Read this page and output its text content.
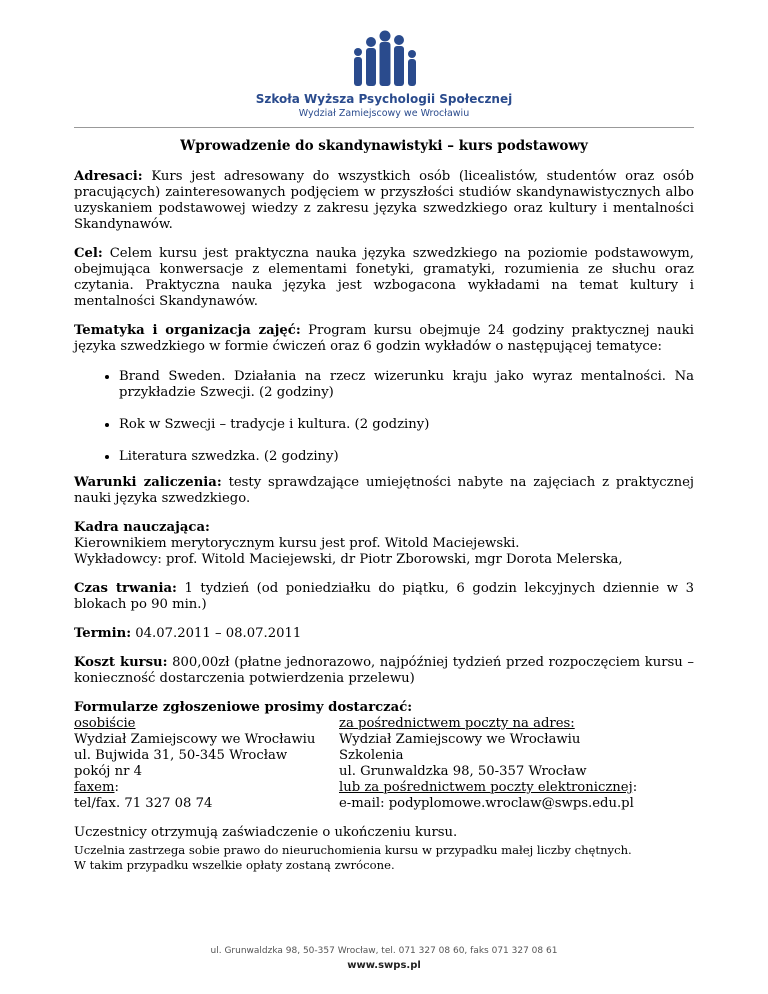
Szkoła Wyższa Psychologii Społecznej
Wydział Zamiejscowy we Wrocławiu
Wprowadzenie do skandynawistyki – kurs podstawowy

Adresaci: Kurs jest adresowany do wszystkich osób (licealistów, studentów oraz osób pracujących) zainteresowanych podjęciem w przyszłości studiów skandynawistycznych albo uzyskaniem podstawowej wiedzy z zakresu języka szwedzkiego oraz kultury i mentalności Skandynawów.

Cel: Celem kursu jest praktyczna nauka języka szwedzkiego na poziomie podstawowym, obejmująca konwersacje z elementami fonetyki, gramatyki, rozumienia ze słuchu oraz czytania. Praktyczna nauka języka jest wzbogacona wykładami na temat kultury i mentalności Skandynawów.

Tematyka i organizacja zajęć: Program kursu obejmuje 24 godziny praktycznej nauki języka szwedzkiego w formie ćwiczeń oraz 6 godzin wykładów o następującej tematyce:

• Brand Sweden. Działania na rzecz wizerunku kraju jako wyraz mentalności. Na przykładzie Szwecji. (2 godziny)
• Rok w Szwecji – tradycje i kultura. (2 godziny)
• Literatura szwedzka. (2 godziny)

Warunki zaliczenia: testy sprawdzające umiejętności nabyte na zajęciach z praktycznej nauki języka szwedzkiego.

Kadra nauczająca:
Kierownikiem merytorycznym kursu jest prof. Witold Maciejewski.
Wykładowcy: prof. Witold Maciejewski, dr Piotr Zborowski, mgr Dorota Melerska,

Czas trwania: 1 tydzień (od poniedziałku do piątku, 6 godzin lekcyjnych dziennie w 3 blokach po 90 min.)

Termin: 04.07.2011 – 08.07.2011

Koszt kursu: 800,00zł (płatne jednorazowo, najpóźniej tydzień przed rozpoczęciem kursu – konieczność dostarczenia potwierdzenia przelewu)

Formularze zgłoszeniowe prosimy dostarczać:
osobiście
Wydział Zamiejscowy we Wrocławiu
ul. Bujwida 31, 50-345 Wrocław
pokój nr 4
faxem:
tel/fax. 71 327 08 74
za pośrednictwem poczty na adres:
Wydział Zamiejscowy we Wrocławiu
Szkolenia
ul. Grunwaldzka 98, 50-357 Wrocław
lub za pośrednictwem poczty elektronicznej:
e-mail: podyplomowe.wroclaw@swps.edu.pl
Uczestnicy otrzymują zaświadczenie o ukończeniu kursu.
Uczelnia zastrzega sobie prawo do nieuruchomienia kursu w przypadku małej liczby chętnych.
W takim przypadku wszelkie opłaty zostaną zwrócone.
ul. Grunwaldzka 98, 50-357 Wrocław, tel. 071 327 08 60, faks 071 327 08 61
www.swps.pl
